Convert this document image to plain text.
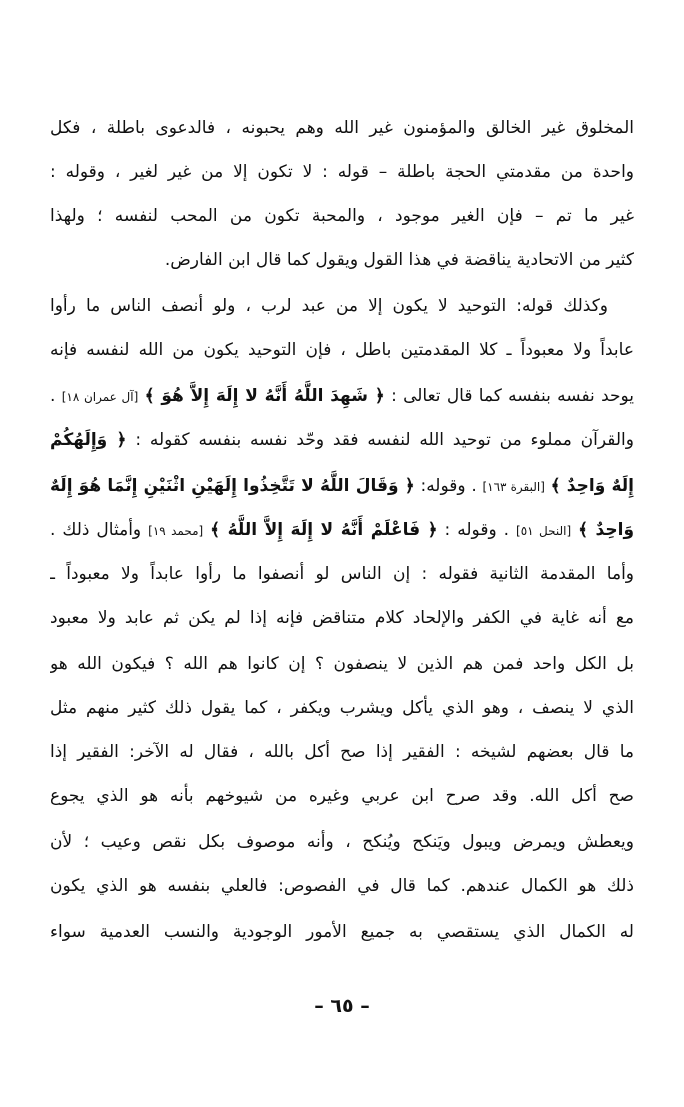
المخلوق غير الخالق والمؤمنون غير الله وهم يحبونه ، فالدعوى باطلة ، فكل
واحدة من مقدمتي الحجة باطلة – قوله : لا تكون إلا من غير لغير ، وقوله :
غير ما تم – فإن الغير موجود ، والمحبة تكون من المحب لنفسه ؛ ولهذا
كثير من الاتحادية يناقضة في هذا القول ويقول كما قال ابن الفارض.
وكذلك قوله: التوحيد لا يكون إلا من عبد لرب ، ولو أنصف الناس ما رأوا
عابداً ولا معبوداً ـ كلا المقدمتين باطل ، فإن التوحيد يكون من الله لنفسه فإنه
يوحد نفسه بنفسه كما قال تعالى : ﴿ شَهِدَ اللَّهُ أَنَّهُ لا إِلَهَ إِلاَّ هُوَ ﴾ [آل عمران ١٨] .
والقرآن مملوء من توحيد الله لنفسه فقد وحّد نفسه بنفسه كقوله : ﴿ وَإِلَهُكُمْ
إِلَهٌ وَاحِدٌ ﴾ [البقرة ١٦٣] . وقوله: ﴿ وَقَالَ اللَّهُ لا تَتَّخِذُوا إِلَهَيْنِ اثْنَيْنِ إِنَّمَا هُوَ إِلَهٌ
وَاحِدٌ ﴾ [النحل ٥١] . وقوله : ﴿ فَاعْلَمْ أَنَّهُ لا إِلَهَ إِلاَّ اللَّهُ ﴾ [محمد ١٩] وأمثال ذلك .
وأما المقدمة الثانية فقوله : إن الناس لو أنصفوا ما رأوا عابداً ولا معبوداً ـ
مع أنه غاية في الكفر والإلحاد كلام متناقض فإنه إذا لم يكن ثم عابد ولا معبود
بل الكل واحد فمن هم الذين لا ينصفون ؟ إن كانوا هم الله ؟ فيكون الله هو
الذي لا ينصف ، وهو الذي يأكل ويشرب ويكفر ، كما يقول ذلك كثير منهم مثل
ما قال بعضهم لشيخه : الفقير إذا صح أكل بالله ، فقال له الآخر: الفقير إذا
صح أكل الله. وقد صرح ابن عربي وغيره من شيوخهم بأنه هو الذي يجوع
ويعطش ويمرض ويبول ويَنكح ويُنكح ، وأنه موصوف بكل نقص وعيب ؛ لأن
ذلك هو الكمال عندهم. كما قال في الفصوص: فالعلي بنفسه هو الذي يكون
له الكمال الذي يستقصي به جميع الأمور الوجودية والنسب العدمية سواء
– ٦٥ –
